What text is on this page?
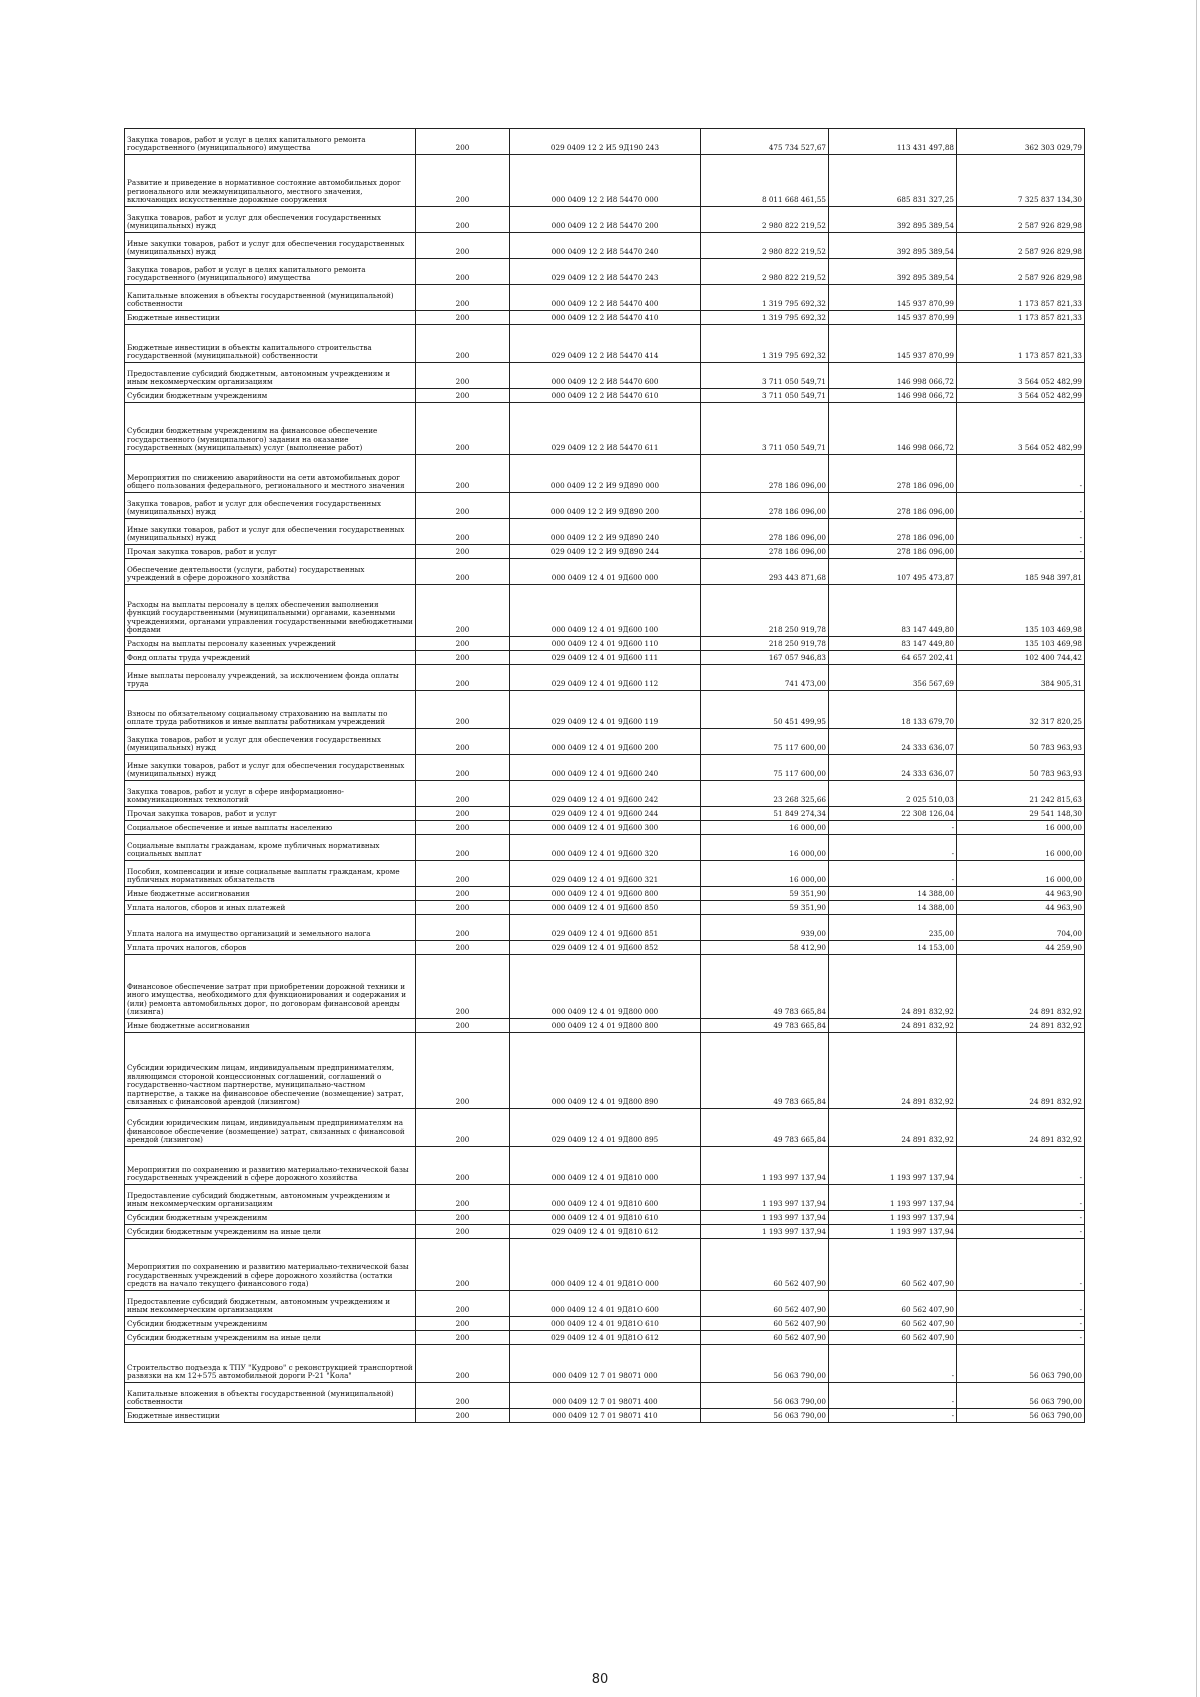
Закупка товаров, работ и услуг в целях капитального ремонта государственного (муниципального) имущества	200	029 0409 12 2 И5 9Д190 243	475 734 527,67	113 431 497,88	362 303 029,79
Развитие и приведение в нормативное состояние автомобильных дорог регионального или межмуниципального, местного значения, включающих искусственные дорожные сооружения	200	000 0409 12 2 И8 54470 000	8 011 668 461,55	685 831 327,25	7 325 837 134,30
Закупка товаров, работ и услуг для обеспечения государственных (муниципальных) нужд	200	000 0409 12 2 И8 54470 200	2 980 822 219,52	392 895 389,54	2 587 926 829,98
Иные закупки товаров, работ и услуг для обеспечения государственных (муниципальных) нужд	200	000 0409 12 2 И8 54470 240	2 980 822 219,52	392 895 389,54	2 587 926 829,98
Закупка товаров, работ и услуг в целях капитального ремонта государственного (муниципального) имущества	200	029 0409 12 2 И8 54470 243	2 980 822 219,52	392 895 389,54	2 587 926 829,98
Капитальные вложения в объекты государственной (муниципальной) собственности	200	000 0409 12 2 И8 54470 400	1 319 795 692,32	145 937 870,99	1 173 857 821,33
Бюджетные инвестиции	200	000 0409 12 2 И8 54470 410	1 319 795 692,32	145 937 870,99	1 173 857 821,33
Бюджетные инвестиции в объекты капитального строительства государственной (муниципальной) собственности	200	029 0409 12 2 И8 54470 414	1 319 795 692,32	145 937 870,99	1 173 857 821,33
Предоставление субсидий бюджетным, автономным учреждениям и иным некоммерческим организациям	200	000 0409 12 2 И8 54470 600	3 711 050 549,71	146 998 066,72	3 564 052 482,99
Субсидии бюджетным учреждениям	200	000 0409 12 2 И8 54470 610	3 711 050 549,71	146 998 066,72	3 564 052 482,99
Субсидии бюджетным учреждениям на финансовое обеспечение государственного (муниципального) задания на оказание государственных (муниципальных) услуг (выполнение работ)	200	029 0409 12 2 И8 54470 611	3 711 050 549,71	146 998 066,72	3 564 052 482,99
Мероприятия по снижению аварийности на сети автомобильных дорог общего пользования федерального, регионального и местного значения	200	000 0409 12 2 И9 9Д890 000	278 186 096,00	278 186 096,00	-
Закупка товаров, работ и услуг для обеспечения государственных (муниципальных) нужд	200	000 0409 12 2 И9 9Д890 200	278 186 096,00	278 186 096,00	-
Иные закупки товаров, работ и услуг для обеспечения государственных (муниципальных) нужд	200	000 0409 12 2 И9 9Д890 240	278 186 096,00	278 186 096,00	-
Прочая закупка товаров, работ и услуг	200	029 0409 12 2 И9 9Д890 244	278 186 096,00	278 186 096,00	-
Обеспечение деятельности (услуги, работы) государственных учреждений в сфере дорожного хозяйства	200	000 0409 12 4 01 9Д600 000	293 443 871,68	107 495 473,87	185 948 397,81
Расходы на выплаты персоналу в целях обеспечения выполнения функций государственными (муниципальными) органами, казенными учреждениями, органами управления государственными внебюджетными фондами	200	000 0409 12 4 01 9Д600 100	218 250 919,78	83 147 449,80	135 103 469,98
Расходы на выплаты персоналу казенных учреждений	200	000 0409 12 4 01 9Д600 110	218 250 919,78	83 147 449,80	135 103 469,98
Фонд оплаты труда учреждений	200	029 0409 12 4 01 9Д600 111	167 057 946,83	64 657 202,41	102 400 744,42
Иные выплаты персоналу учреждений, за исключением фонда оплаты труда	200	029 0409 12 4 01 9Д600 112	741 473,00	356 567,69	384 905,31
Взносы по обязательному социальному страхованию на выплаты по оплате труда работников и иные выплаты работникам учреждений	200	029 0409 12 4 01 9Д600 119	50 451 499,95	18 133 679,70	32 317 820,25
Закупка товаров, работ и услуг для обеспечения государственных (муниципальных) нужд	200	000 0409 12 4 01 9Д600 200	75 117 600,00	24 333 636,07	50 783 963,93
Иные закупки товаров, работ и услуг для обеспечения государственных (муниципальных) нужд	200	000 0409 12 4 01 9Д600 240	75 117 600,00	24 333 636,07	50 783 963,93
Закупка товаров, работ и услуг в сфере информационно-коммуникационных технологий	200	029 0409 12 4 01 9Д600 242	23 268 325,66	2 025 510,03	21 242 815,63
Прочая закупка товаров, работ и услуг	200	029 0409 12 4 01 9Д600 244	51 849 274,34	22 308 126,04	29 541 148,30
Социальное обеспечение и иные выплаты населению	200	000 0409 12 4 01 9Д600 300	16 000,00	-	16 000,00
Социальные выплаты гражданам, кроме публичных нормативных социальных выплат	200	000 0409 12 4 01 9Д600 320	16 000,00	-	16 000,00
Пособия, компенсации и иные социальные выплаты гражданам, кроме публичных нормативных обязательств	200	029 0409 12 4 01 9Д600 321	16 000,00	-	16 000,00
Иные бюджетные ассигнования	200	000 0409 12 4 01 9Д600 800	59 351,90	14 388,00	44 963,90
Уплата налогов, сборов и иных платежей	200	000 0409 12 4 01 9Д600 850	59 351,90	14 388,00	44 963,90
Уплата налога на имущество организаций и земельного налога	200	029 0409 12 4 01 9Д600 851	939,00	235,00	704,00
Уплата прочих налогов, сборов	200	029 0409 12 4 01 9Д600 852	58 412,90	14 153,00	44 259,90
Финансовое обеспечение затрат при приобретении дорожной техники и иного имущества, необходимого для функционирования и содержания и (или) ремонта автомобильных дорог, по договорам финансовой аренды (лизинга)	200	000 0409 12 4 01 9Д800 000	49 783 665,84	24 891 832,92	24 891 832,92
Иные бюджетные ассигнования	200	000 0409 12 4 01 9Д800 800	49 783 665,84	24 891 832,92	24 891 832,92
Субсидии юридическим лицам, индивидуальным предпринимателям, являющимся стороной концессионных соглашений, соглашений о государственно-частном партнерстве, муниципально-частном партнерстве, а также на финансовое обеспечение (возмещение) затрат, связанных с финансовой арендой (лизингом)	200	000 0409 12 4 01 9Д800 890	49 783 665,84	24 891 832,92	24 891 832,92
Субсидии юридическим лицам, индивидуальным предпринимателям на финансовое обеспечение (возмещение) затрат, связанных с финансовой арендой (лизингом)	200	029 0409 12 4 01 9Д800 895	49 783 665,84	24 891 832,92	24 891 832,92
Мероприятия по сохранению и развитию материально-технической базы государственных учреждений в сфере дорожного хозяйства	200	000 0409 12 4 01 9Д810 000	1 193 997 137,94	1 193 997 137,94	-
Предоставление субсидий бюджетным, автономным учреждениям и иным некоммерческим организациям	200	000 0409 12 4 01 9Д810 600	1 193 997 137,94	1 193 997 137,94	-
Субсидии бюджетным учреждениям	200	000 0409 12 4 01 9Д810 610	1 193 997 137,94	1 193 997 137,94	-
Субсидии бюджетным учреждениям на иные цели	200	029 0409 12 4 01 9Д810 612	1 193 997 137,94	1 193 997 137,94	-
Мероприятия по сохранению и развитию материально-технической базы государственных учреждений в сфере дорожного хозяйства (остатки средств на начало текущего финансового года)	200	000 0409 12 4 01 9Д81О 000	60 562 407,90	60 562 407,90	-
Предоставление субсидий бюджетным, автономным учреждениям и иным некоммерческим организациям	200	000 0409 12 4 01 9Д81О 600	60 562 407,90	60 562 407,90	-
Субсидии бюджетным учреждениям	200	000 0409 12 4 01 9Д81О 610	60 562 407,90	60 562 407,90	-
Субсидии бюджетным учреждениям на иные цели	200	029 0409 12 4 01 9Д81О 612	60 562 407,90	60 562 407,90	-
Строительство подъезда к ТПУ "Кудрово" с реконструкцией транспортной развязки на км 12+575 автомобильной дороги Р-21 "Кола"	200	000 0409 12 7 01 98071 000	56 063 790,00	-	56 063 790,00
Капитальные вложения в объекты государственной (муниципальной) собственности	200	000 0409 12 7 01 98071 400	56 063 790,00	-	56 063 790,00
Бюджетные инвестиции	200	000 0409 12 7 01 98071 410	56 063 790,00	-	56 063 790,00
80
